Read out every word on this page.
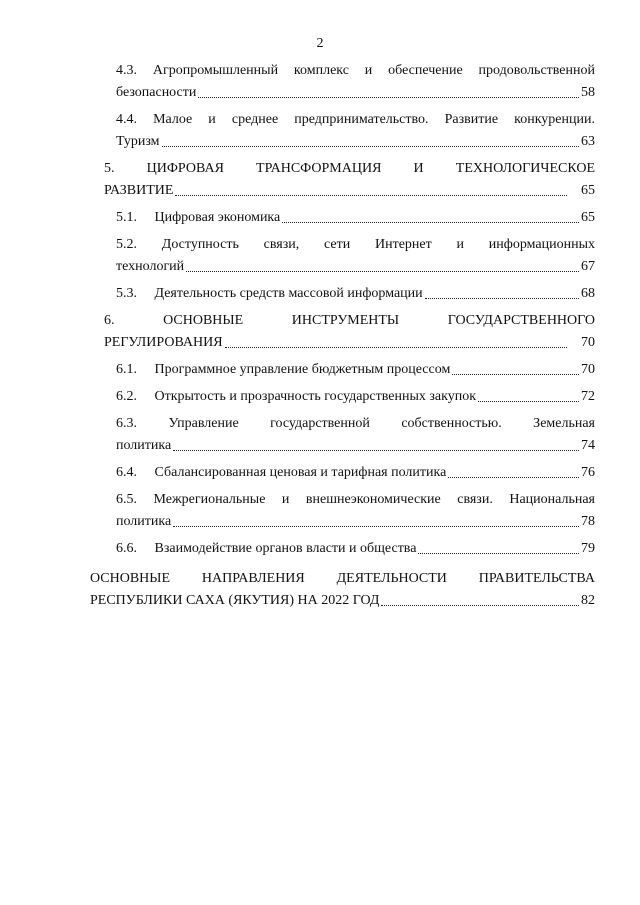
2
4.3. Агропромышленный комплекс и обеспечение продовольственной
безопасности	58
4.4. Малое и среднее предпринимательство. Развитие конкуренции.
Туризм	63
5. ЦИФРОВАЯ ТРАНСФОРМАЦИЯ И ТЕХНОЛОГИЧЕСКОЕ
РАЗВИТИЕ	65
5.1.  Цифровая экономика	65
5.2. Доступность связи, сети Интернет и информационных
технологий	67
5.3.  Деятельность средств массовой информации	68
6. ОСНОВНЫЕ ИНСТРУМЕНТЫ ГОСУДАРСТВЕННОГО
РЕГУЛИРОВАНИЯ	70
6.1.  Программное управление бюджетным процессом	70
6.2.  Открытость и прозрачность государственных закупок	72
6.3. Управление государственной собственностью. Земельная
политика	74
6.4.  Сбалансированная ценовая и тарифная политика	76
6.5. Межрегиональные и внешнеэкономические связи. Национальная
политика	78
6.6.  Взаимодействие органов власти и общества	79
ОСНОВНЫЕ НАПРАВЛЕНИЯ ДЕЯТЕЛЬНОСТИ ПРАВИТЕЛЬСТВА
РЕСПУБЛИКИ САХА (ЯКУТИЯ) НА 2022 ГОД	82
